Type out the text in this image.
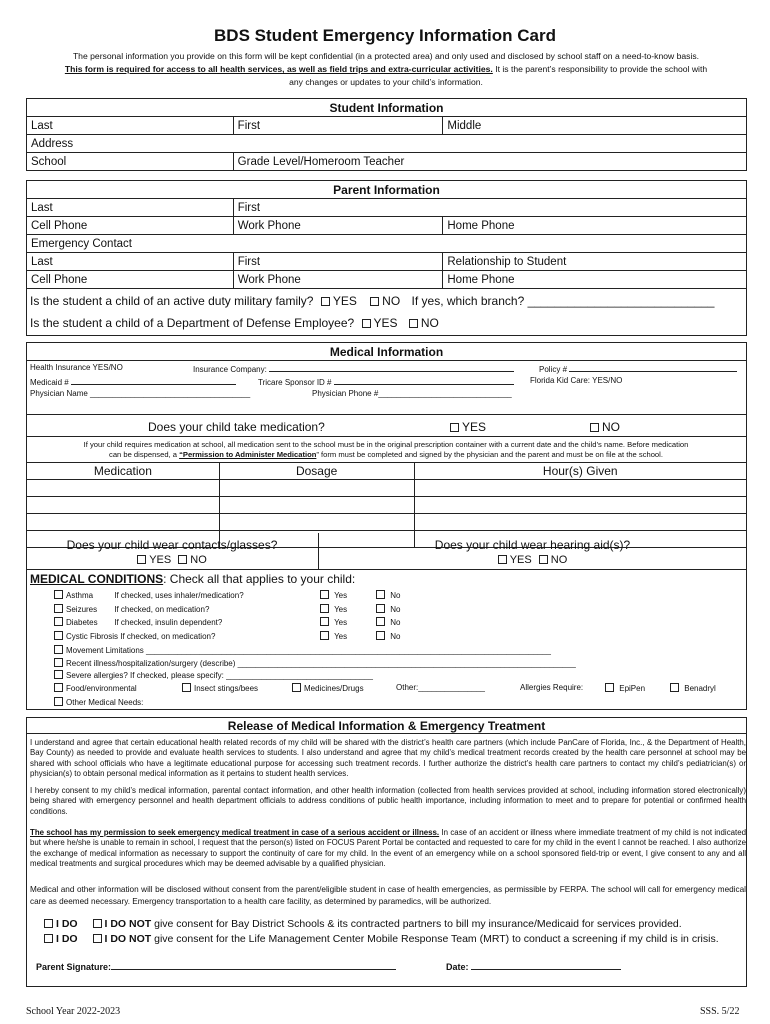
BDS Student Emergency Information Card
The personal information you provide on this form will be kept confidential (in a protected area) and only used and disclosed by school staff on a need-to-know basis.
This form is required for access to all health services, as well as field trips and extra-curricular activities. It is the parent’s responsibility to provide the school with
any changes or updates to your child’s information.
Student Information		
Last	First	Middle
Address		
School	Grade Level/Homeroom Teacher	
Parent Information		
Last	First	
Cell Phone	Work Phone	Home Phone
Emergency Contact		
Last	First	Relationship to Student
Cell Phone	Work Phone	Home Phone
Is the student a child of an active duty military family? YES NO If yes, which branch? ____________________________
Is the student a child of a Department of Defense Employee? YES NO
Medical Information
Health Insurance YES/NO	Insurance Company:	Policy #
Medicaid #	Tricare Sponsor ID #	Florida Kid Care: YES/NO
Physician Name ____________________________________	Physician Phone #______________________________
Does your child take medication?	YES	NO
If your child requires medication at school, all medication sent to the school must be in the original prescription container with a current date and the child’s name. Before medication
can be dispensed, a “Permission to Administer Medication” form must be completed and signed by the physician and the parent and must be on file at the school.
Medication	Dosage	Hour(s) Given

Does your child wear contacts/glasses?
YES NO
Does your child wear hearing aid(s)?
YES NO
MEDICAL CONDITIONS: Check all that applies to your child:
Asthma	If checked, uses inhaler/medication?	Yes	No
Seizures If checked, on medication?	Yes	No
Diabetes If checked, insulin dependent?	Yes	No
Cystic Fibrosis If checked, on medication?	Yes	No
Movement Limitations ___________________________________________________________________________________________
Recent illness/hospitalization/surgery (describe) ____________________________________________________________________________
Severe allergies? If checked, please specify: _________________________________
Food/environmental	Insect stings/bees	Medicines/Drugs	Other:_______________	Allergies Require:	EpiPen	Benadryl
Other Medical Needs:
Release of Medical Information & Emergency Treatment
I understand and agree that certain educational health related records of my child will be shared with the district’s health care partners (which include PanCare of Florida, Inc., & the Department of Health, Bay County) as needed to provide and evaluate health services to students. I also understand and agree that my child’s medical treatment records created by the health care personnel at school may be shared with school officials who have a legitimate educational purpose for accessing such treatment records. I further authorize the district’s health care partners to contact my child’s pediatrician(s) or physician(s) to obtain personal medical information as it pertains to student health services.
I hereby consent to my child’s medical information, parental contact information, and other health information (collected from health services provided at school, including information stored electronically) being shared with emergency personnel and health department officials to address conditions of public health importance, including information to meet and to prepare for potential or confirmed health conditions.
The school has my permission to seek emergency medical treatment in case of a serious accident or illness. In case of an accident or illness where immediate treatment of my child is not indicated but where he/she is unable to remain in school, I request that the person(s) listed on FOCUS Parent Portal be contacted and requested to care for my child in the event I cannot be reached. I also authorize the exchange of medical information as necessary to support the continuity of care for my child. In the event of an emergency while on a school sponsored field-trip or event, I give consent to any and all medical treatments and surgical procedures which may be deemed advisable by a qualified physician.
Medical and other information will be disclosed without consent from the parent/eligible student in case of health emergencies, as permissible by FERPA. The school will call for emergency medical care as deemed necessary. Emergency transportation to a health care facility, as determined by paramedics, will be authorized.
I DO	I DO NOT give consent for Bay District Schools & its contracted partners to bill my insurance/Medicaid for services provided.
I DO	I DO NOT give consent for the Life Management Center Mobile Response Team (MRT) to conduct a screening if my child is in crisis.
Parent Signature:	Date:
School Year 2022-2023	SSS. 5/22
